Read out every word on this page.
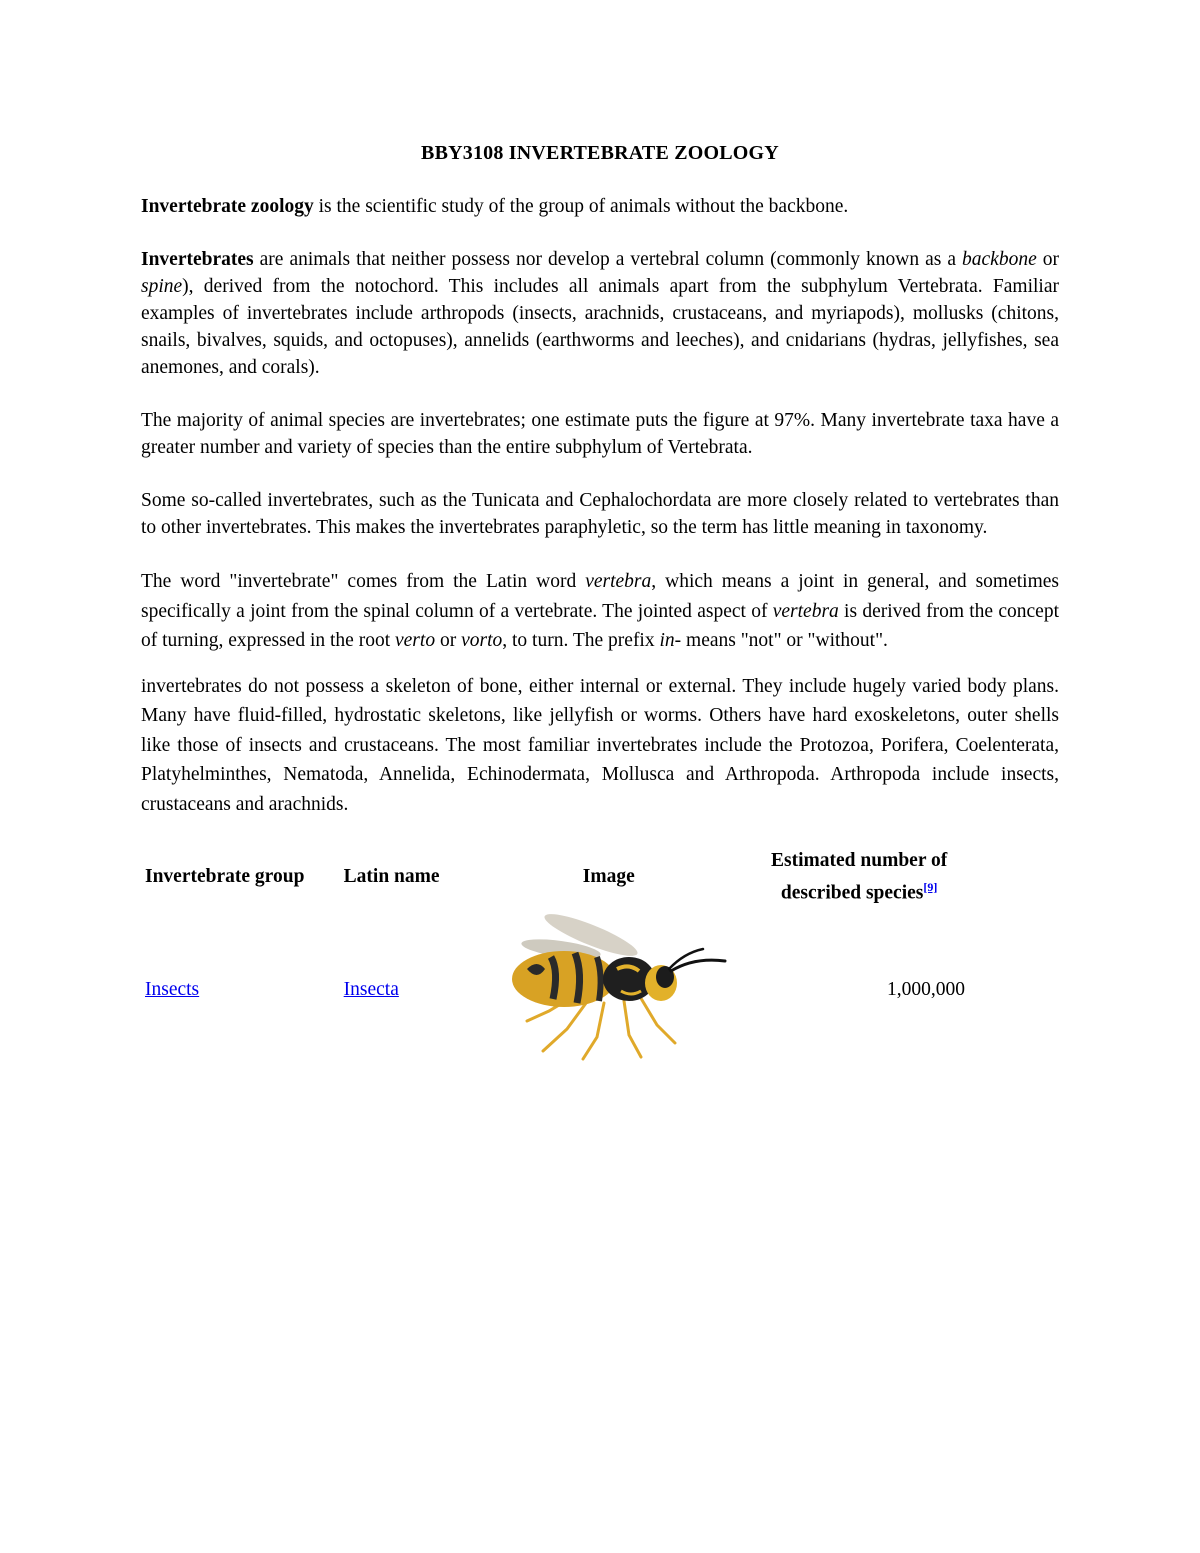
BBY3108 INVERTEBRATE ZOOLOGY

Invertebrate zoology is the scientific study of the group of animals without the backbone.

Invertebrates are animals that neither possess nor develop a vertebral column (commonly known as a backbone or spine), derived from the notochord. This includes all animals apart from the subphylum Vertebrata. Familiar examples of invertebrates include arthropods (insects, arachnids, crustaceans, and myriapods), mollusks (chitons, snails, bivalves, squids, and octopuses), annelids (earthworms and leeches), and cnidarians (hydras, jellyfishes, sea anemones, and corals).

The majority of animal species are invertebrates; one estimate puts the figure at 97%. Many invertebrate taxa have a greater number and variety of species than the entire subphylum of Vertebrata.

Some so-called invertebrates, such as the Tunicata and Cephalochordata are more closely related to vertebrates than to other invertebrates. This makes the invertebrates paraphyletic, so the term has little meaning in taxonomy.

The word "invertebrate" comes from the Latin word vertebra, which means a joint in general, and sometimes specifically a joint from the spinal column of a vertebrate. The jointed aspect of vertebra is derived from the concept of turning, expressed in the root verto or vorto, to turn. The prefix in- means "not" or "without".

invertebrates do not possess a skeleton of bone, either internal or external. They include hugely varied body plans. Many have fluid-filled, hydrostatic skeletons, like jellyfish or worms. Others have hard exoskeletons, outer shells like those of insects and crustaceans. The most familiar invertebrates include the Protozoa, Porifera, Coelenterata, Platyhelminthes, Nematoda, Annelida, Echinodermata, Mollusca and Arthropoda. Arthropoda include insects, crustaceans and arachnids.

Invertebrate group	Latin name	Image	Estimated number of described species[9]
Insects	Insecta		1,000,000
